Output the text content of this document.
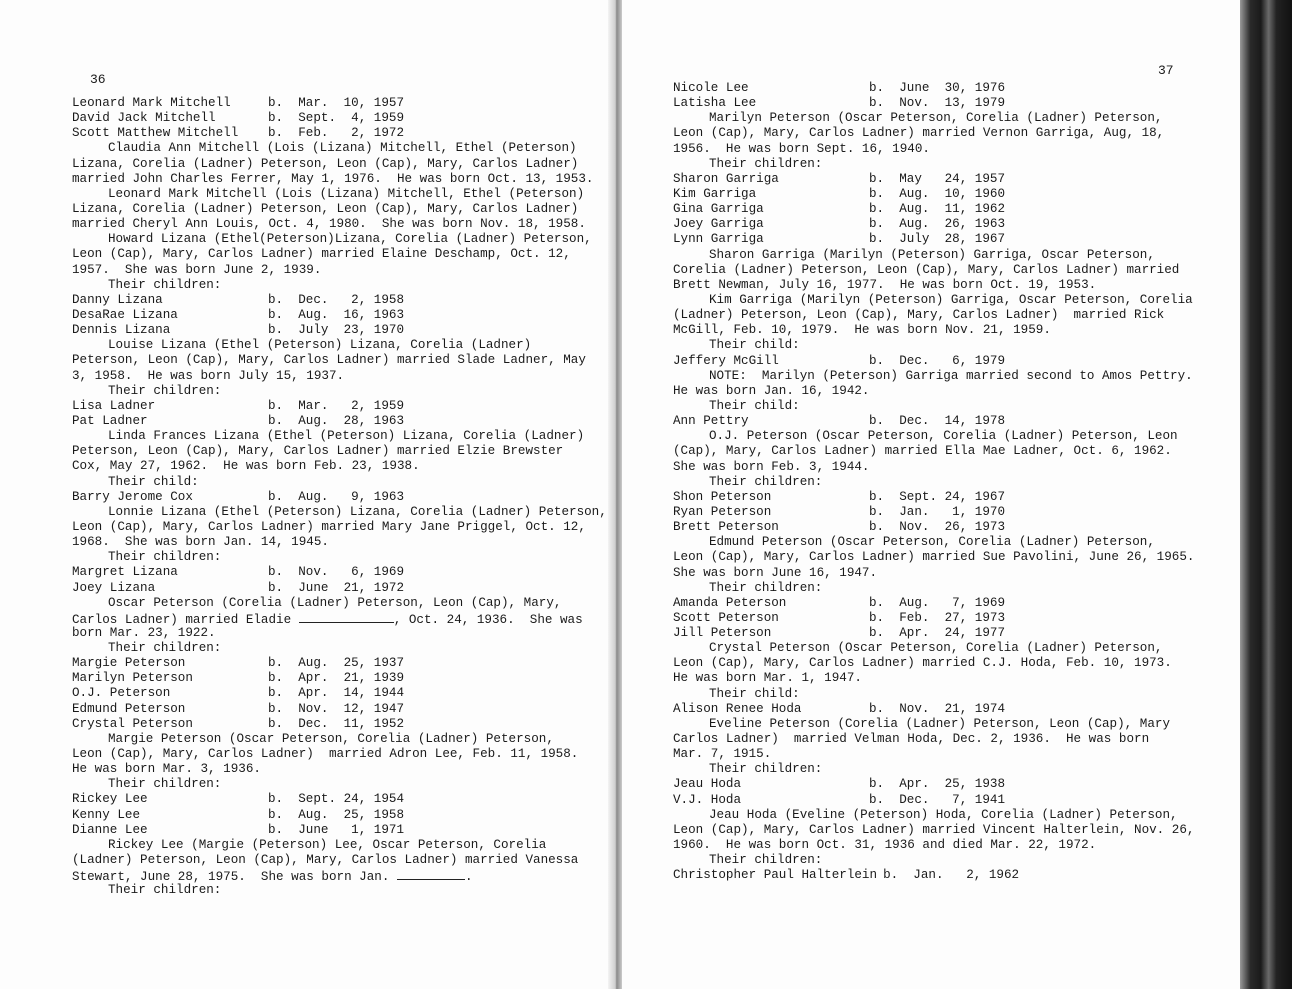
36
Leonard Mark Mitchell	b.  Mar.  10, 1957
David Jack Mitchell	b.  Sept.  4, 1959
Scott Matthew Mitchell b.  Feb.   2, 1972
Claudia Ann Mitchell (Lois (Lizana) Mitchell, Ethel (Peterson)
Lizana, Corelia (Ladner) Peterson, Leon (Cap), Mary, Carlos Ladner)
married John Charles Ferrer, May 1, 1976.  He was born Oct. 13, 1953.
Leonard Mark Mitchell (Lois (Lizana) Mitchell, Ethel (Peterson)
Lizana, Corelia (Ladner) Peterson, Leon (Cap), Mary, Carlos Ladner)
married Cheryl Ann Louis, Oct. 4, 1980.  She was born Nov. 18, 1958.
Howard Lizana (Ethel(Peterson)Lizana, Corelia (Ladner) Peterson,
Leon (Cap), Mary, Carlos Ladner) married Elaine Deschamp, Oct. 12,
1957.  She was born June 2, 1939.
Their children:
Danny Lizana	b.  Dec.   2, 1958
DesaRae Lizana	b.  Aug.  16, 1963
Dennis Lizana	b.  July  23, 1970
Louise Lizana (Ethel (Peterson) Lizana, Corelia (Ladner)
Peterson, Leon (Cap), Mary, Carlos Ladner) married Slade Ladner, May
3, 1958.  He was born July 15, 1937.
Their children:
Lisa Ladner	b.  Mar.   2, 1959
Pat Ladner	b.  Aug.  28, 1963
Linda Frances Lizana (Ethel (Peterson) Lizana, Corelia (Ladner)
Peterson, Leon (Cap), Mary, Carlos Ladner) married Elzie Brewster
Cox, May 27, 1962.  He was born Feb. 23, 1938.
Their child:
Barry Jerome Cox	b.  Aug.   9, 1963
Lonnie Lizana (Ethel (Peterson) Lizana, Corelia (Ladner) Peterson,
Leon (Cap), Mary, Carlos Ladner) married Mary Jane Priggel, Oct. 12,
1968.  She was born Jan. 14, 1945.
Their children:
Margret Lizana	b.  Nov.   6, 1969
Joey Lizana	b.  June  21, 1972
Oscar Peterson (Corelia (Ladner) Peterson, Leon (Cap), Mary,
Carlos Ladner) married Eladie	, Oct. 24, 1936.  She was
born Mar. 23, 1922.
Their children:
Margie Peterson	b.  Aug.  25, 1937
Marilyn Peterson	b.  Apr.  21, 1939
O.J. Peterson	b.  Apr.  14, 1944
Edmund Peterson	b.  Nov.  12, 1947
Crystal Peterson	b.  Dec.  11, 1952
Margie Peterson (Oscar Peterson, Corelia (Ladner) Peterson,
Leon (Cap), Mary, Carlos Ladner)  married Adron Lee, Feb. 11, 1958.
He was born Mar. 3, 1936.
Their children:
Rickey Lee	b.  Sept. 24, 1954
Kenny Lee	b.  Aug.  25, 1958
Dianne Lee	b.  June   1, 1971
Rickey Lee (Margie (Peterson) Lee, Oscar Peterson, Corelia
(Ladner) Peterson, Leon (Cap), Mary, Carlos Ladner) married Vanessa
Stewart, June 28, 1975.  She was born Jan.	.
Their children:
37
Nicole Lee	b.  June  30, 1976
Latisha Lee	b.  Nov.  13, 1979
Marilyn Peterson (Oscar Peterson, Corelia (Ladner) Peterson,
Leon (Cap), Mary, Carlos Ladner) married Vernon Garriga, Aug, 18,
1956.  He was born Sept. 16, 1940.
Their children:
Sharon Garriga	b.  May   24, 1957
Kim Garriga	b.  Aug.  10, 1960
Gina Garriga	b.  Aug.  11, 1962
Joey Garriga	b.  Aug.  26, 1963
Lynn Garriga	b.  July  28, 1967
Sharon Garriga (Marilyn (Peterson) Garriga, Oscar Peterson,
Corelia (Ladner) Peterson, Leon (Cap), Mary, Carlos Ladner) married
Brett Newman, July 16, 1977.  He was born Oct. 19, 1953.
Kim Garriga (Marilyn (Peterson) Garriga, Oscar Peterson, Corelia
(Ladner) Peterson, Leon (Cap), Mary, Carlos Ladner)  married Rick
McGill, Feb. 10, 1979.  He was born Nov. 21, 1959.
Their child:
Jeffery McGill	b.  Dec.   6, 1979
NOTE:  Marilyn (Peterson) Garriga married second to Amos Pettry.
He was born Jan. 16, 1942.
Their child:
Ann Pettry	b.  Dec.  14, 1978
O.J. Peterson (Oscar Peterson, Corelia (Ladner) Peterson, Leon
(Cap), Mary, Carlos Ladner) married Ella Mae Ladner, Oct. 6, 1962.
She was born Feb. 3, 1944.
Their children:
Shon Peterson	b.  Sept. 24, 1967
Ryan Peterson	b.  Jan.   1, 1970
Brett Peterson	b.  Nov.  26, 1973
Edmund Peterson (Oscar Peterson, Corelia (Ladner) Peterson,
Leon (Cap), Mary, Carlos Ladner) married Sue Pavolini, June 26, 1965.
She was born June 16, 1947.
Their children:
Amanda Peterson	b.  Aug.   7, 1969
Scott Peterson	b.  Feb.  27, 1973
Jill Peterson	b.  Apr.  24, 1977
Crystal Peterson (Oscar Peterson, Corelia (Ladner) Peterson,
Leon (Cap), Mary, Carlos Ladner) married C.J. Hoda, Feb. 10, 1973.
He was born Mar. 1, 1947.
Their child:
Alison Renee Hoda	b.  Nov.  21, 1974
Eveline Peterson (Corelia (Ladner) Peterson, Leon (Cap), Mary
Carlos Ladner)  married Velman Hoda, Dec. 2, 1936.  He was born
Mar. 7, 1915.
Their children:
Jeau Hoda	b.  Apr.  25, 1938
V.J. Hoda	b.  Dec.   7, 1941
Jeau Hoda (Eveline (Peterson) Hoda, Corelia (Ladner) Peterson,
Leon (Cap), Mary, Carlos Ladner) married Vincent Halterlein, Nov. 26,
1960.  He was born Oct. 31, 1936 and died Mar. 22, 1972.
Their children:
Christopher Paul Halterlein b.  Jan.   2, 1962
